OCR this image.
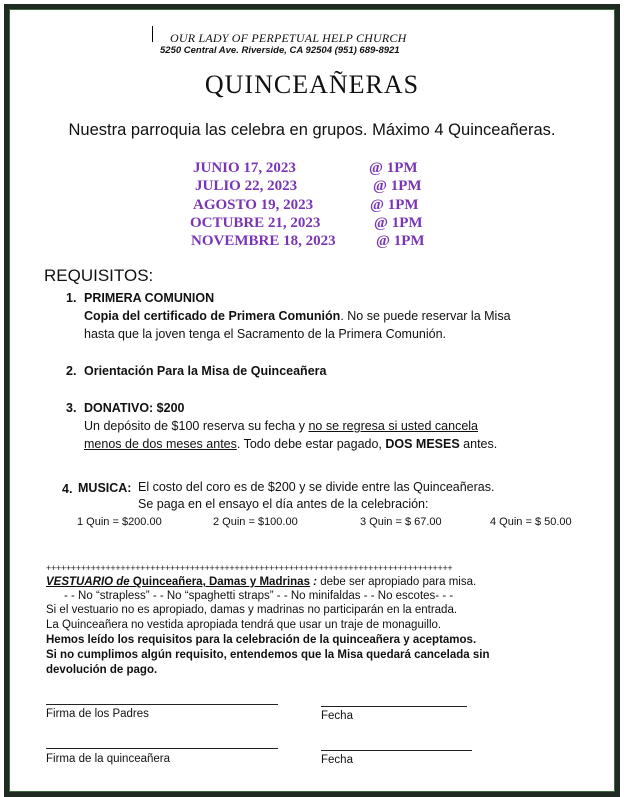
OUR LADY OF PERPETUAL HELP CHURCH
5250 Central Ave. Riverside, CA 92504 (951) 689-8921
QUINCEAÑERAS
Nuestra parroquia las celebra en grupos. Máximo 4 Quinceañeras.
JUNIO 17, 2023	@ 1PM
JULIO 22, 2023	@ 1PM
AGOSTO 19, 2023	@ 1PM
OCTUBRE 21, 2023	@ 1PM
NOVEMBRE 18, 2023	@ 1PM
REQUISITOS:
1. PRIMERA COMUNION
Copia del certificado de Primera Comunión. No se puede reservar la Misa
hasta que la joven tenga el Sacramento de la Primera Comunión.
2. Orientación Para la Misa de Quinceañera
3. DONATIVO: $200
Un depósito de $100 reserva su fecha y no se regresa si usted cancela
menos de dos meses antes. Todo debe estar pagado, DOS MESES antes.
4. MUSICA: El costo del coro es de $200 y se divide entre las Quinceañeras.
Se paga en el ensayo el día antes de la celebración:
1 Quin = $200.00	2 Quin = $100.00	3 Quin = $ 67.00	4 Quin = $ 50.00
++++++++++++++++++++++++++++++++++++++++++++++++++++++++++++++++++++++++++++++++++
VESTUARIO de Quinceañera, Damas y Madrinas : debe ser apropiado para misa.
- - No “strapless” - - No “spaghetti straps” - - No minifaldas - - No escotes- - -
Si el vestuario no es apropiado, damas y madrinas no participarán en la entrada.
La Quinceañera no vestida apropiada tendrá que usar un traje de monaguillo.
Hemos leído los requisitos para la celebración de la quinceañera y aceptamos.
Si no cumplimos algún requisito, entendemos que la Misa quedará cancelada sin
devolución de pago.
Firma de los Padres	Fecha
Firma de la quinceañera	Fecha
